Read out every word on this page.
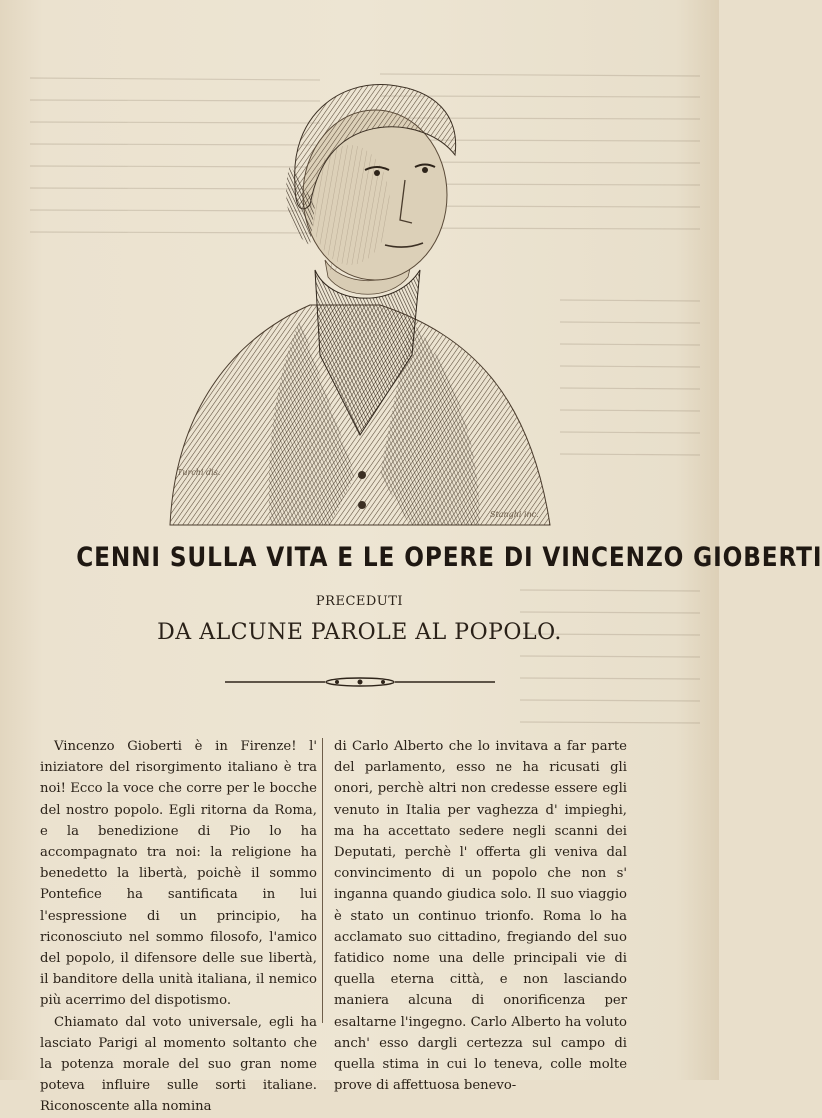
Turchi dis.
Stanghi inc.
CENNI SULLA VITA E LE OPERE DI VINCENZO GIOBERTI
PRECEDUTI
DA ALCUNE PAROLE AL POPOLO.

Vincenzo Gioberti è in Firenze! l' iniziatore del risorgimento italiano è tra noi! Ecco la voce che corre per le bocche del nostro popolo. Egli ritorna da Roma, e la benedizione di Pio lo ha accompagnato tra noi: la religione ha benedetto la libertà, poichè il sommo Pontefice ha santificata in lui l'espressione di un principio, ha riconosciuto nel sommo filosofo, l'amico del popolo, il difensore delle sue libertà, il banditore della unità italiana, il nemico più acerrimo del dispotismo.

Chiamato dal voto universale, egli ha lasciato Parigi al momento soltanto che la potenza morale del suo gran nome poteva influire sulle sorti italiane. Riconoscente alla nomina

di Carlo Alberto che lo invitava a far parte del parlamento, esso ne ha ricusati gli onori, perchè altri non credesse essere egli venuto in Italia per vaghezza d' impieghi, ma ha accettato sedere negli scanni dei Deputati, perchè l' offerta gli veniva dal convincimento di un popolo che non s' inganna quando giudica solo. Il suo viaggio è stato un continuo trionfo. Roma lo ha acclamato suo cittadino, fregiando del suo fatidico nome una delle principali vie di quella eterna città, e non lasciando maniera alcuna di onorificenza per esaltarne l'ingegno. Carlo Alberto ha voluto anch' esso dargli certezza sul campo di quella stima in cui lo teneva, colle molte prove di affettuosa benevo-
